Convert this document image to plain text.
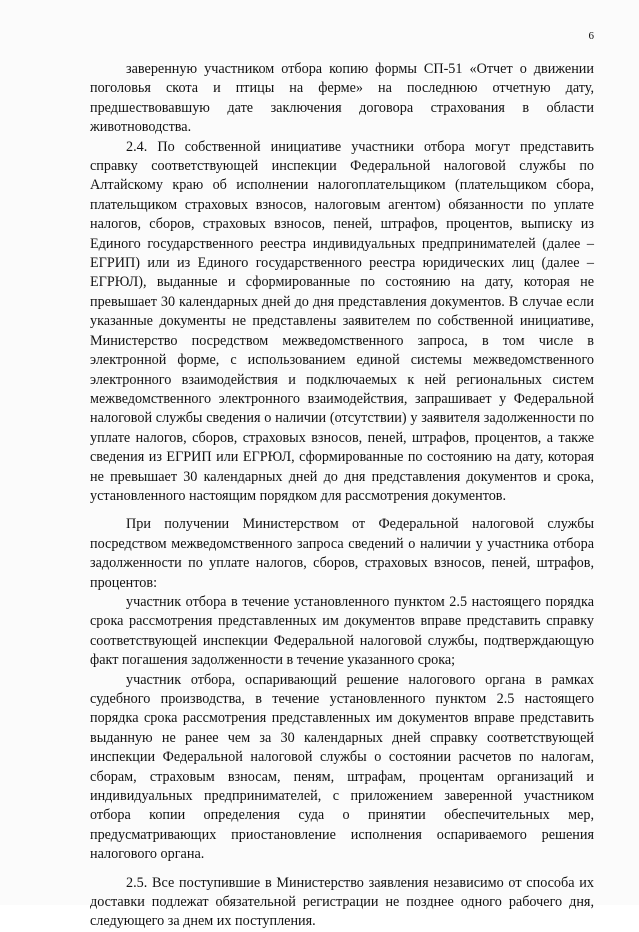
6

заверенную участником отбора копию формы СП-51 «Отчет о движении поголовья скота и птицы на ферме» на последнюю отчетную дату, предшествовавшую дате заключения договора страхования в области животноводства.

2.4. По собственной инициативе участники отбора могут представить справку соответствующей инспекции Федеральной налоговой службы по Алтайскому краю об исполнении налогоплательщиком (плательщиком сбора, плательщиком страховых взносов, налоговым агентом) обязанности по уплате налогов, сборов, страховых взносов, пеней, штрафов, процентов, выписку из Единого государственного реестра индивидуальных предпринимателей (далее – ЕГРИП) или из Единого государственного реестра юридических лиц (далее – ЕГРЮЛ), выданные и сформированные по состоянию на дату, которая не превышает 30 календарных дней до дня представления документов. В случае если указанные документы не представлены заявителем по собственной инициативе, Министерство посредством межведомственного запроса, в том числе в электронной форме, с использованием единой системы межведомственного электронного взаимодействия и подключаемых к ней региональных систем межведомственного электронного взаимодействия, запрашивает у Федеральной налоговой службы сведения о наличии (отсутствии) у заявителя задолженности по уплате налогов, сборов, страховых взносов, пеней, штрафов, процентов, а также сведения из ЕГРИП или ЕГРЮЛ, сформированные по состоянию на дату, которая не превышает 30 календарных дней до дня представления документов и срока, установленного настоящим порядком для рассмотрения документов.

При получении Министерством от Федеральной налоговой службы посредством межведомственного запроса сведений о наличии у участника отбора задолженности по уплате налогов, сборов, страховых взносов, пеней, штрафов, процентов:

участник отбора в течение установленного пунктом 2.5 настоящего порядка срока рассмотрения представленных им документов вправе представить справку соответствующей инспекции Федеральной налоговой службы, подтверждающую факт погашения задолженности в течение указанного срока;

участник отбора, оспаривающий решение налогового органа в рамках судебного производства, в течение установленного пунктом 2.5 настоящего порядка срока рассмотрения представленных им документов вправе представить выданную не ранее чем за 30 календарных дней справку соответствующей инспекции Федеральной налоговой службы о состоянии расчетов по налогам, сборам, страховым взносам, пеням, штрафам, процентам организаций и индивидуальных предпринимателей, с приложением заверенной участником отбора копии определения суда о принятии обеспечительных мер, предусматривающих приостановление исполнения оспариваемого решения налогового органа.

2.5. Все поступившие в Министерство заявления независимо от способа их доставки подлежат обязательной регистрации не позднее одного рабочего дня, следующего за днем их поступления.
